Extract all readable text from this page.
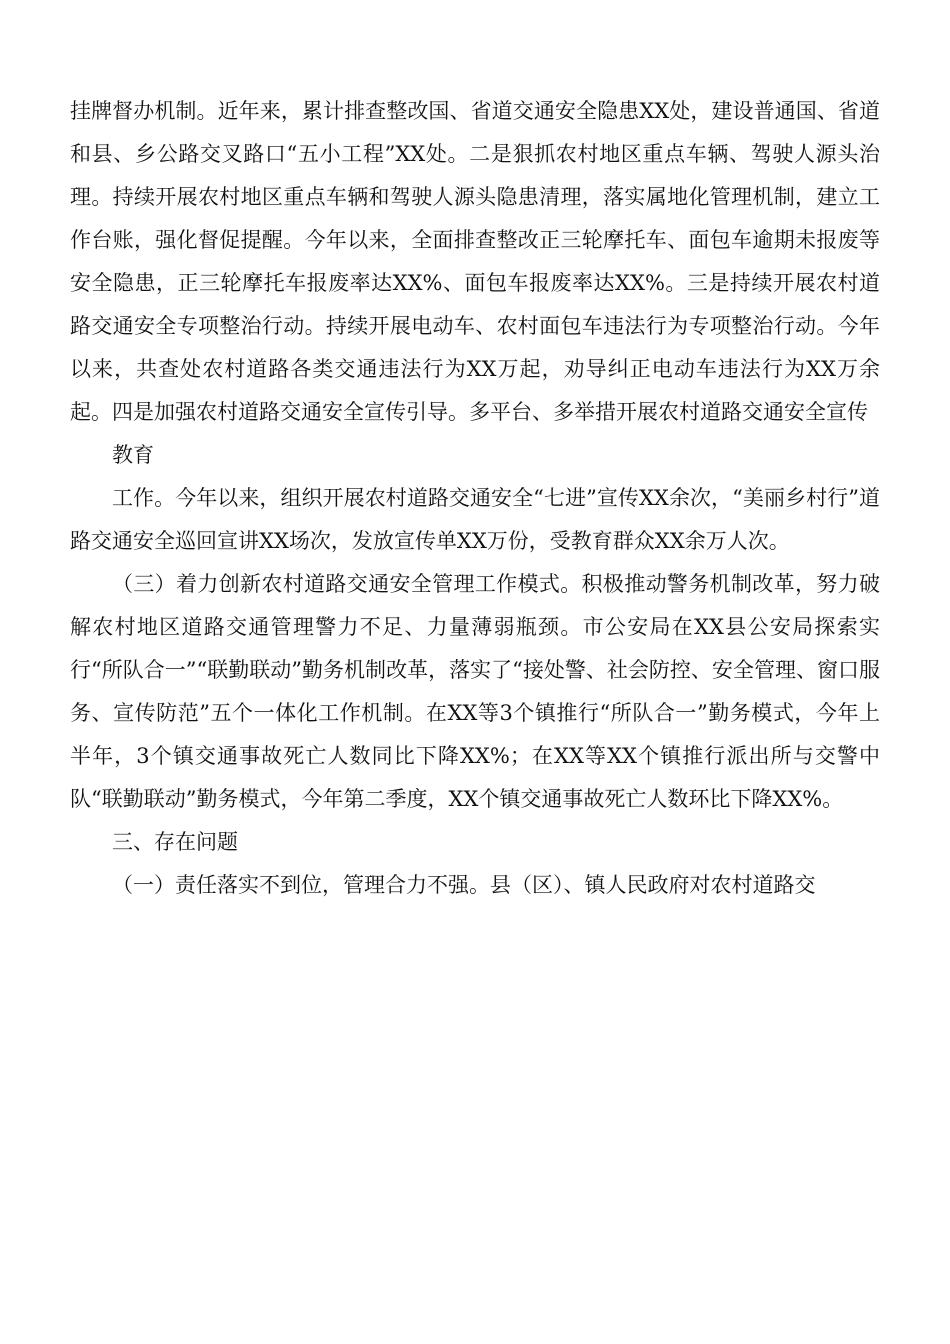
挂牌督办机制。近年来，累计排查整改国、省道交通安全隐患XX处，建设普通国、省道和县、乡公路交叉路口“五小工程”XX处。二是狠抓农村地区重点车辆、驾驶人源头治理。持续开展农村地区重点车辆和驾驶人源头隐患清理，落实属地化管理机制，建立工作台账，强化督促提醒。今年以来，全面排查整改正三轮摩托车、面包车逾期未报废等安全隐患，正三轮摩托车报废率达XX%、面包车报废率达XX%。三是持续开展农村道路交通安全专项整治行动。持续开展电动车、农村面包车违法行为专项整治行动。今年以来，共查处农村道路各类交通违法行为XX万起，劝导纠正电动车违法行为XX万余起。四是加强农村道路交通安全宣传引导。多平台、多举措开展农村道路交通安全宣传

教育

工作。今年以来，组织开展农村道路交通安全“七进”宣传XX余次，“美丽乡村行”道路交通安全巡回宣讲XX场次，发放宣传单XX万份，受教育群众XX余万人次。

（三）着力创新农村道路交通安全管理工作模式。积极推动警务机制改革，努力破解农村地区道路交通管理警力不足、力量薄弱瓶颈。市公安局在XX县公安局探索实行“所队合一”“联勤联动”勤务机制改革，落实了“接处警、社会防控、安全管理、窗口服务、宣传防范”五个一体化工作机制。在XX等3个镇推行“所队合一”勤务模式，今年上半年，3个镇交通事故死亡人数同比下降XX%；在XX等XX个镇推行派出所与交警中队“联勤联动”勤务模式，今年第二季度，XX个镇交通事故死亡人数环比下降XX%。

三、存在问题

（一）责任落实不到位，管理合力不强。县（区）、镇人民政府对农村道路交
